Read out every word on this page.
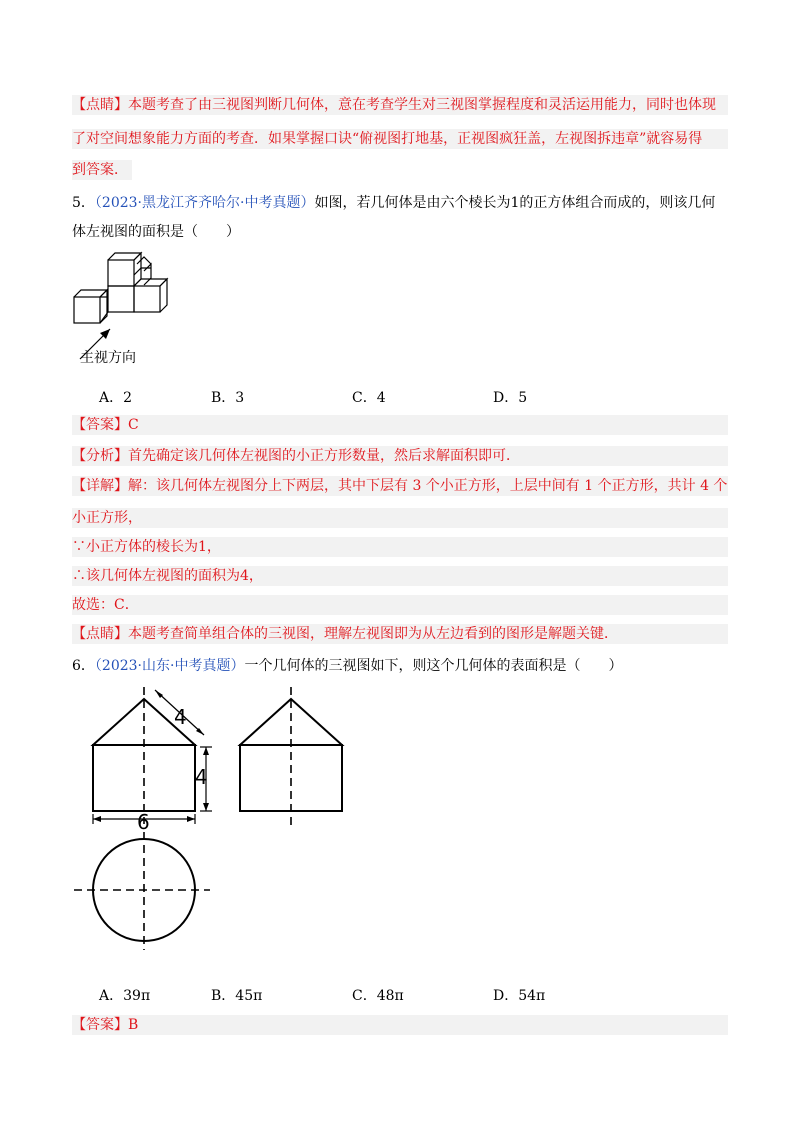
【点睛】本题考查了由三视图判断几何体，意在考查学生对三视图掌握程度和灵活运用能力，同时也体现
了对空间想象能力方面的考查．如果掌握口诀“俯视图打地基，正视图疯狂盖，左视图拆违章”就容易得
到答案．
5．（2023·黑龙江齐齐哈尔·中考真题）如图，若几何体是由六个棱长为1的正方体组合而成的，则该几何
体左视图的面积是（　　）
主视方向
A．2	B．3	C．4	D．5
【答案】C
【分析】首先确定该几何体左视图的小正方形数量，然后求解面积即可．
【详解】解：该几何体左视图分上下两层，其中下层有 3 个小正方形，上层中间有 1 个正方形，共计 4 个
小正方形，
∵小正方体的棱长为1，
∴该几何体左视图的面积为4，
故选：C．
【点睛】本题考查简单组合体的三视图，理解左视图即为从左边看到的图形是解题关键．
6．（2023·山东·中考真题）一个几何体的三视图如下，则这个几何体的表面积是（　　）
4
4
6
A．39π	B．45π	C．48π	D．54π
【答案】B
